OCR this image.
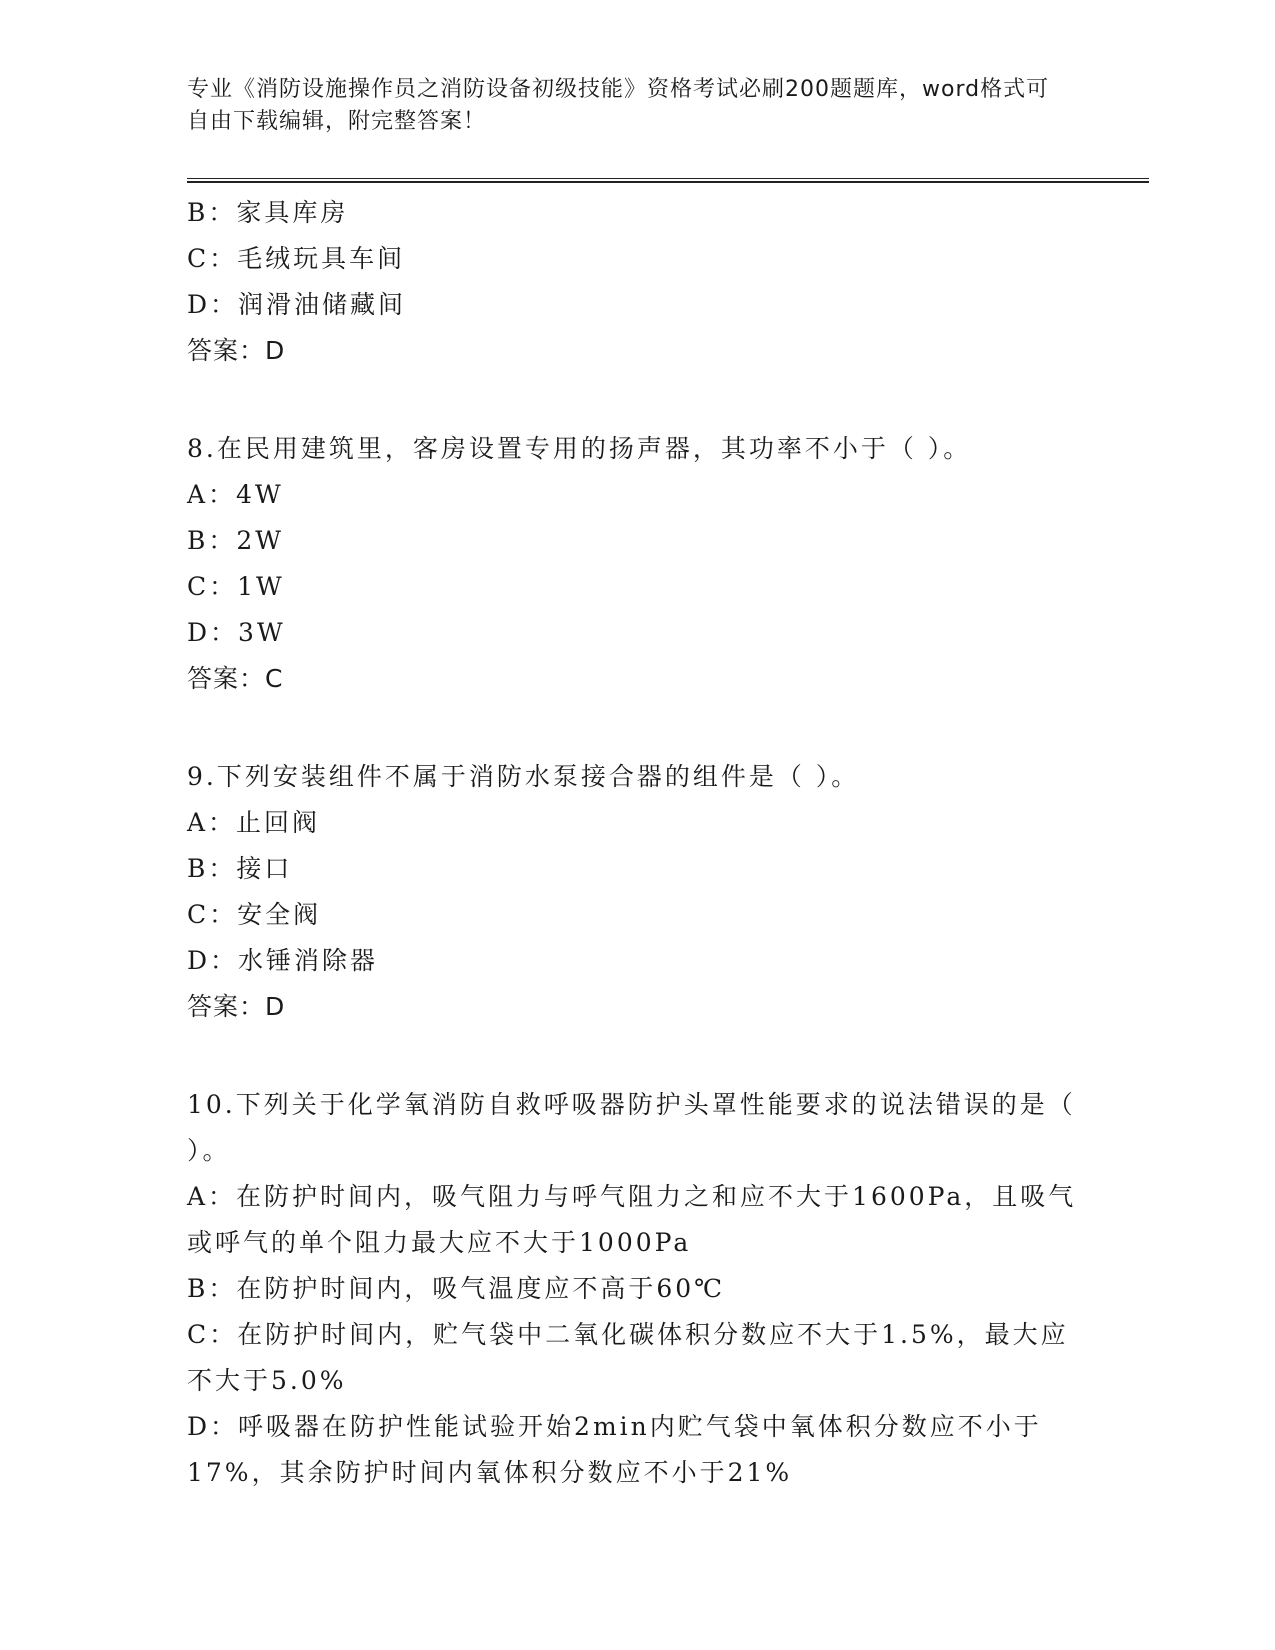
专业《消防设施操作员之消防设备初级技能》资格考试必刷200题题库，word格式可自由下载编辑，附完整答案！
B：家具库房
C：毛绒玩具车间
D：润滑油储藏间
答案：D
8.在民用建筑里，客房设置专用的扬声器，其功率不小于（ ）。
A：4W
B：2W
C：1W
D：3W
答案：C
9.下列安装组件不属于消防水泵接合器的组件是（ ）。
A：止回阀
B：接口
C：安全阀
D：水锤消除器
答案：D
10.下列关于化学氧消防自救呼吸器防护头罩性能要求的说法错误的是（ ）。
A：在防护时间内，吸气阻力与呼气阻力之和应不大于1600Pa，且吸气或呼气的单个阻力最大应不大于1000Pa
B：在防护时间内，吸气温度应不高于60℃
C：在防护时间内，贮气袋中二氧化碳体积分数应不大于1.5%，最大应不大于5.0%
D：呼吸器在防护性能试验开始2min内贮气袋中氧体积分数应不小于17%，其余防护时间内氧体积分数应不小于21%
